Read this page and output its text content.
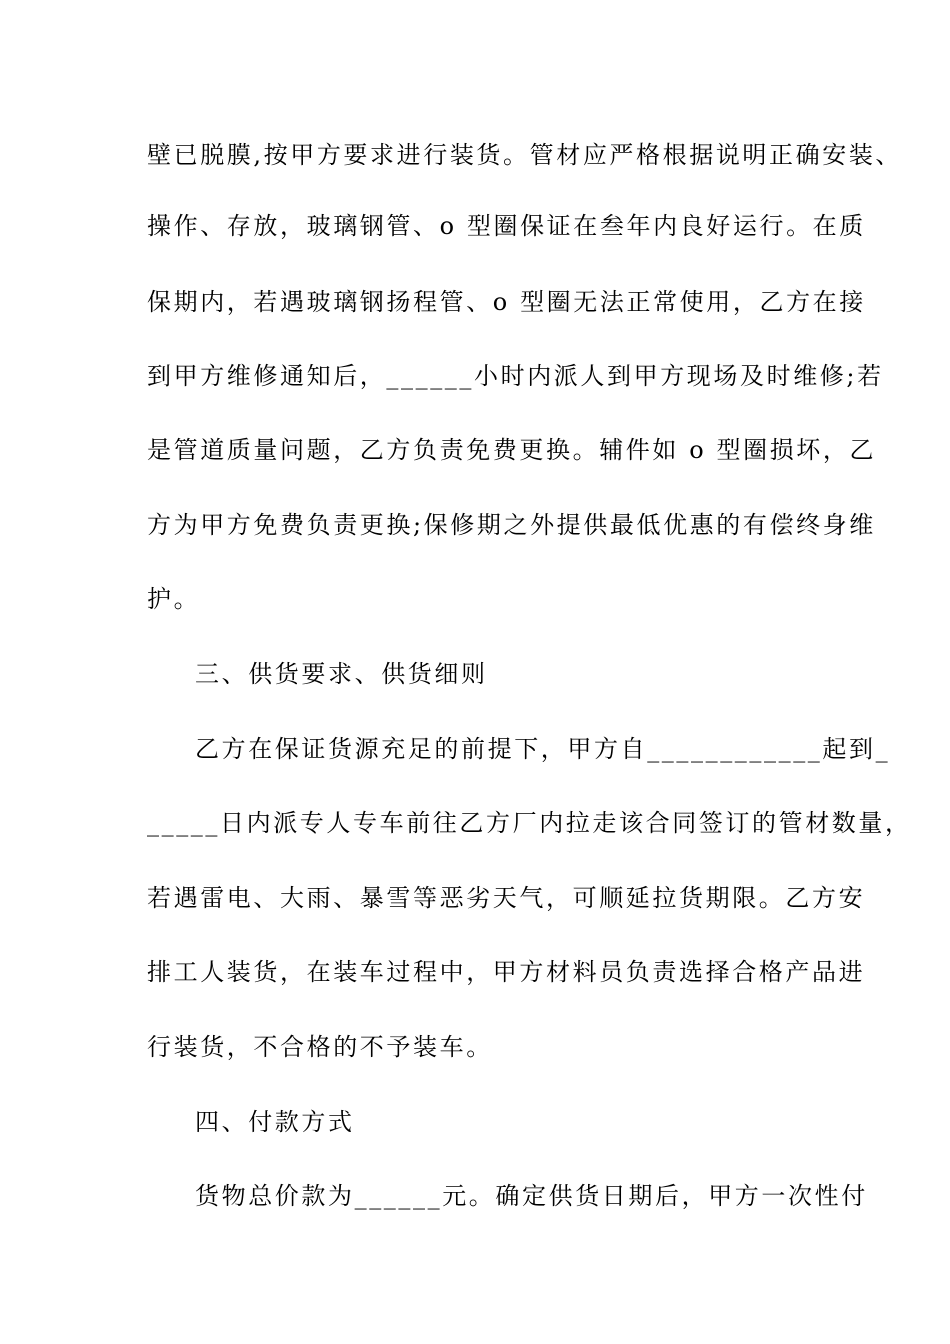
壁已脱膜,按甲方要求进行装货。管材应严格根据说明正确安装、
操作、存放，玻璃钢管、o 型圈保证在叁年内良好运行。在质
保期内，若遇玻璃钢扬程管、o 型圈无法正常使用，乙方在接
到甲方维修通知后，______小时内派人到甲方现场及时维修;若
是管道质量问题，乙方负责免费更换。辅件如 o 型圈损坏，乙
方为甲方免费负责更换;保修期之外提供最低优惠的有偿终身维
护。
三、供货要求、供货细则
乙方在保证货源充足的前提下，甲方自____________起到_
_____日内派专人专车前往乙方厂内拉走该合同签订的管材数量，
若遇雷电、大雨、暴雪等恶劣天气，可顺延拉货期限。乙方安
排工人装货，在装车过程中，甲方材料员负责选择合格产品进
行装货，不合格的不予装车。
四、付款方式
货物总价款为______元。确定供货日期后，甲方一次性付
